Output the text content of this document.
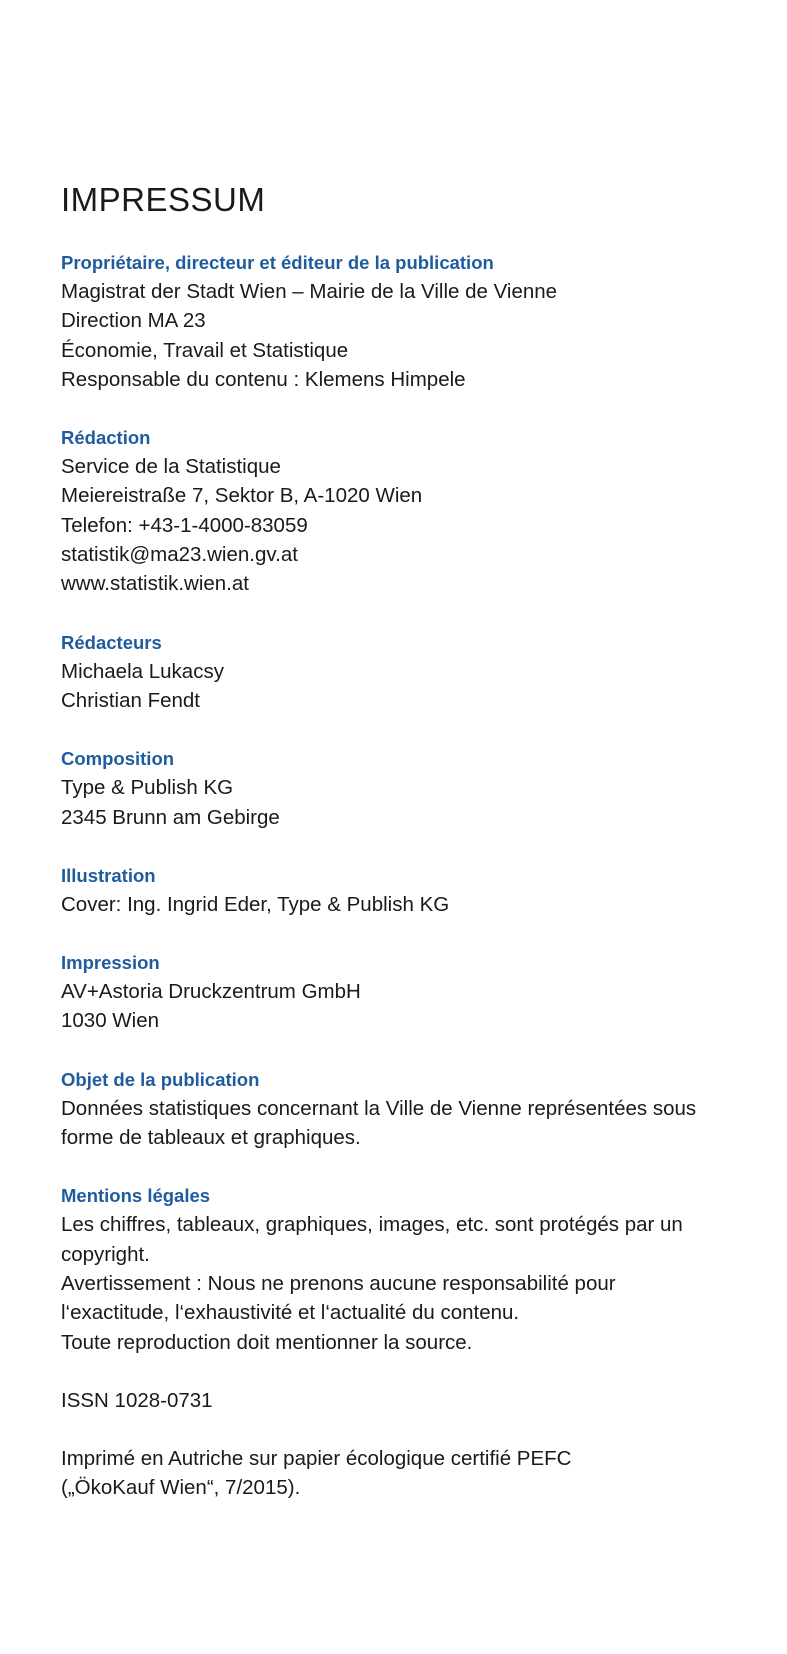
IMPRESSUM
Propriétaire, directeur et éditeur de la publication
Magistrat der Stadt Wien – Mairie de la Ville de Vienne
Direction MA 23
Économie, Travail et Statistique
Responsable du contenu : Klemens Himpele
Rédaction
Service de la Statistique
Meiereistraße 7, Sektor B, A-1020 Wien
Telefon: +43-1-4000-83059
statistik@ma23.wien.gv.at
www.statistik.wien.at
Rédacteurs
Michaela Lukacsy
Christian Fendt
Composition
Type & Publish KG
2345 Brunn am Gebirge
Illustration
Cover: Ing. Ingrid Eder, Type & Publish KG
Impression
AV+Astoria Druckzentrum GmbH
1030 Wien
Objet de la publication
Données statistiques concernant la Ville de Vienne représentées sous
forme de tableaux et graphiques.
Mentions légales
Les chiffres, tableaux, graphiques, images, etc. sont protégés par un
copyright.
Avertissement : Nous ne prenons aucune responsabilité pour
l‘exactitude, l‘exhaustivité et l‘actualité du contenu.
Toute reproduction doit mentionner la source.

ISSN 1028-0731

Imprimé en Autriche sur papier écologique certifié PEFC
(„ÖkoKauf Wien“, 7/2015).
